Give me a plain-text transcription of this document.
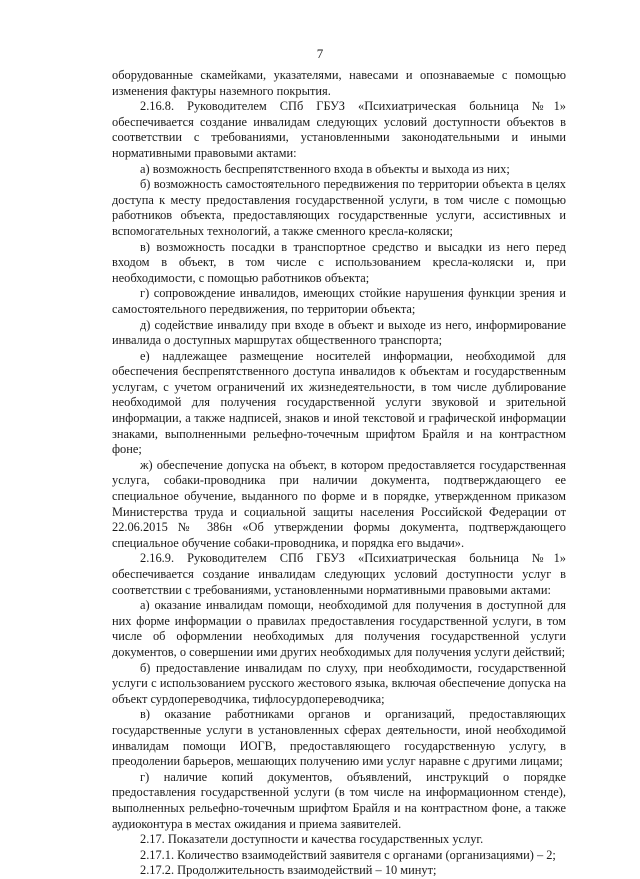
7

оборудованные скамейками, указателями, навесами и опознаваемые с помощью изменения фактуры наземного покрытия.

2.16.8. Руководителем СПб ГБУЗ «Психиатрическая больница №1» обеспечивается создание инвалидам следующих условий доступности объектов в соответствии с требованиями, установленными законодательными и иными нормативными правовыми актами:

а) возможность беспрепятственного входа в объекты и выхода из них;

б) возможность самостоятельного передвижения по территории объекта в целях доступа к месту предоставления государственной услуги, в том числе с помощью работников объекта, предоставляющих государственные услуги, ассистивных и вспомогательных технологий, а также сменного кресла-коляски;

в) возможность посадки в транспортное средство и высадки из него перед входом в объект, в том числе с использованием кресла-коляски и, при необходимости, с помощью работников объекта;

г) сопровождение инвалидов, имеющих стойкие нарушения функции зрения и самостоятельного передвижения, по территории объекта;

д) содействие инвалиду при входе в объект и выходе из него, информирование инвалида о доступных маршрутах общественного транспорта;

е) надлежащее размещение носителей информации, необходимой для обеспечения беспрепятственного доступа инвалидов к объектам и государственным услугам, с учетом ограничений их жизнедеятельности, в том числе дублирование необходимой для получения государственной услуги звуковой и зрительной информации, а также надписей, знаков и иной текстовой и графической информации знаками, выполненными рельефно-точечным шрифтом Брайля и на контрастном фоне;

ж) обеспечение допуска на объект, в котором предоставляется государственная услуга, собаки-проводника при наличии документа, подтверждающего ее специальное обучение, выданного по форме и в порядке, утвержденном приказом Министерства труда и социальной защиты населения Российской Федерации от 22.06.2015 № 386н «Об утверждении формы документа, подтверждающего специальное обучение собаки-проводника, и порядка его выдачи».

2.16.9. Руководителем СПб ГБУЗ «Психиатрическая больница №1» обеспечивается создание инвалидам следующих условий доступности услуг в соответствии с требованиями, установленными нормативными правовыми актами:

а) оказание инвалидам помощи, необходимой для получения в доступной для них форме информации о правилах предоставления государственной услуги, в том числе об оформлении необходимых для получения государственной услуги документов, о совершении ими других необходимых для получения услуги действий;

б) предоставление инвалидам по слуху, при необходимости, государственной услуги с использованием русского жестового языка, включая обеспечение допуска на объект сурдопереводчика, тифлосурдопереводчика;

в) оказание работниками органов и организаций, предоставляющих государственные услуги в установленных сферах деятельности, иной необходимой инвалидам помощи ИОГВ, предоставляющего государственную услугу, в преодолении барьеров, мешающих получению ими услуг наравне с другими лицами;

г) наличие копий документов, объявлений, инструкций о порядке предоставления государственной услуги (в том числе на информационном стенде), выполненных рельефно-точечным шрифтом Брайля и на контрастном фоне, а также аудиоконтура в местах ожидания и приема заявителей.

2.17. Показатели доступности и качества государственных услуг.

2.17.1. Количество взаимодействий заявителя с органами (организациями) – 2;

2.17.2. Продолжительность взаимодействий – 10 минут;
